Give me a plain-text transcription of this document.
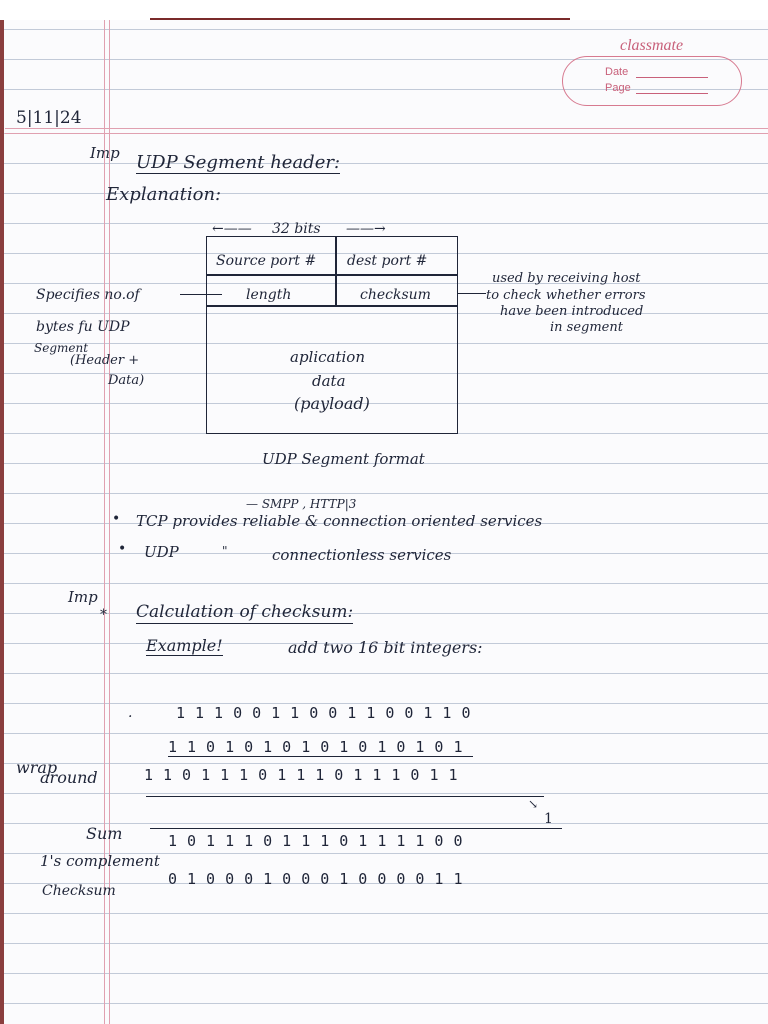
classmate
Date
Page
5|11|24
Imp UDP Segment header:
Explanation:
←—— 32 bits ——→
Source port # dest port #
length	checksum
aplication
data
(payload)
Specifies no.of
bytes fu UDP
Segment
(Header +
Data)
used by receiving host
to check whether errors
have been introduced
in segment
UDP Segment format
— SMPP , HTTP|3
• TCP provides reliable & connection oriented services
• UDP	"	connectionless services
Imp
* Calculation of checksum:
Example!	add two 16 bit integers:
.	1110011001100110
1101010101010101
wrap
around	11011101110111011
↘
1
Sum	1011101110111100
1's complement
Checksum
0100010001000011
